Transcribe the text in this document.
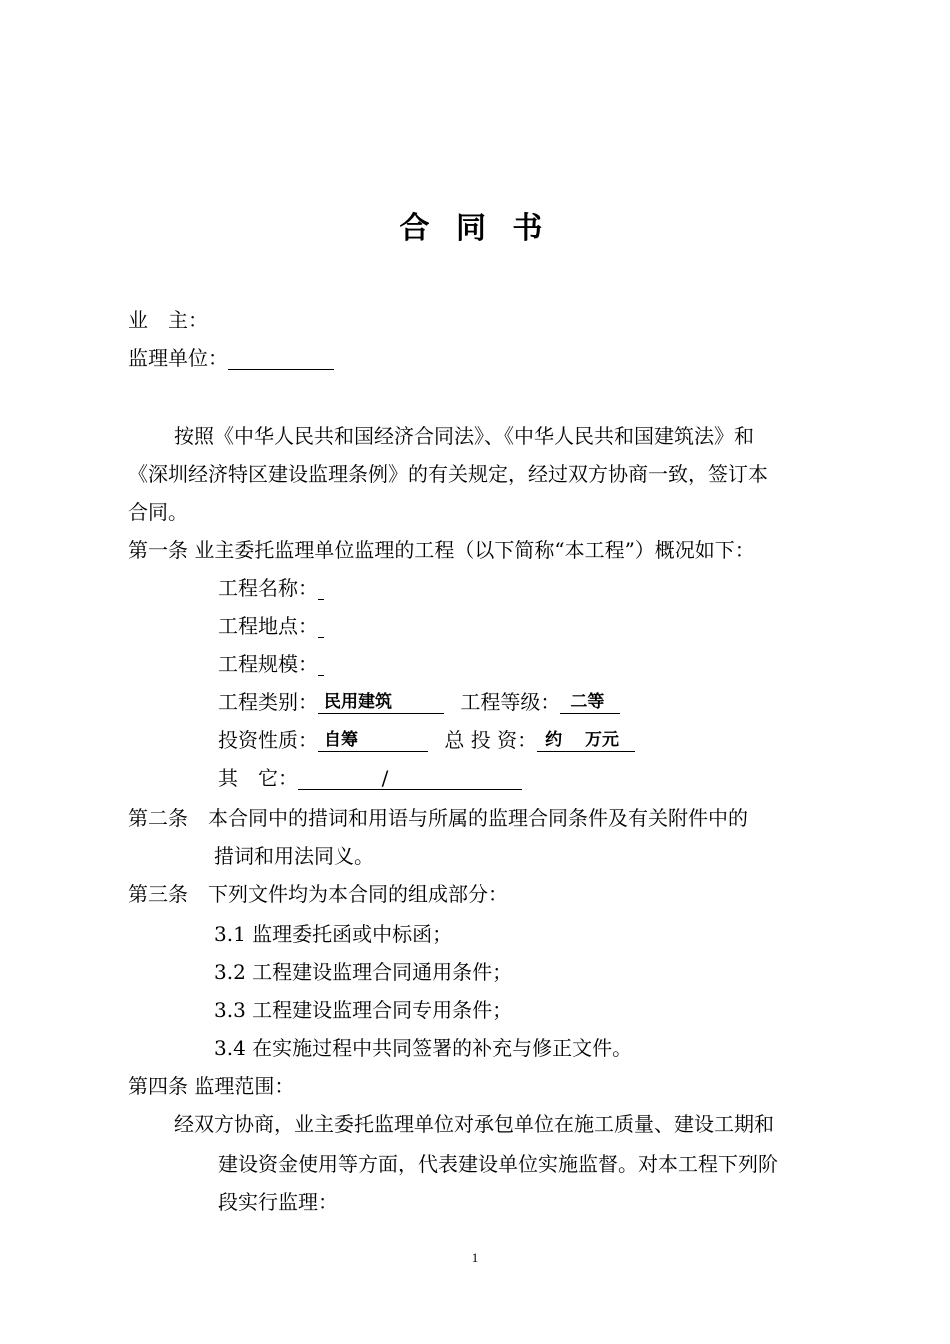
合 同 书
业　主：
监理单位：
按照《中华人民共和国经济合同法》、《中华人民共和国建筑法》和
《深圳经济特区建设监理条例》的有关规定，经过双方协商一致，签订本
合同。
第一条 业主委托监理单位监理的工程（以下简称“本工程”）概况如下：
工程名称：
工程地点：
工程规模：
工程类别： 民用建筑	工程等级： 二等
投资性质： 自筹	总 投 资： 约　 万元
其　它：	/
第二条　本合同中的措词和用语与所属的监理合同条件及有关附件中的
措词和用法同义。
第三条　下列文件均为本合同的组成部分：
3.1 监理委托函或中标函；
3.2 工程建设监理合同通用条件；
3.3 工程建设监理合同专用条件；
3.4 在实施过程中共同签署的补充与修正文件。
第四条 监理范围：
经双方协商，业主委托监理单位对承包单位在施工质量、建设工期和
建设资金使用等方面，代表建设单位实施监督。对本工程下列阶
段实行监理：
1
